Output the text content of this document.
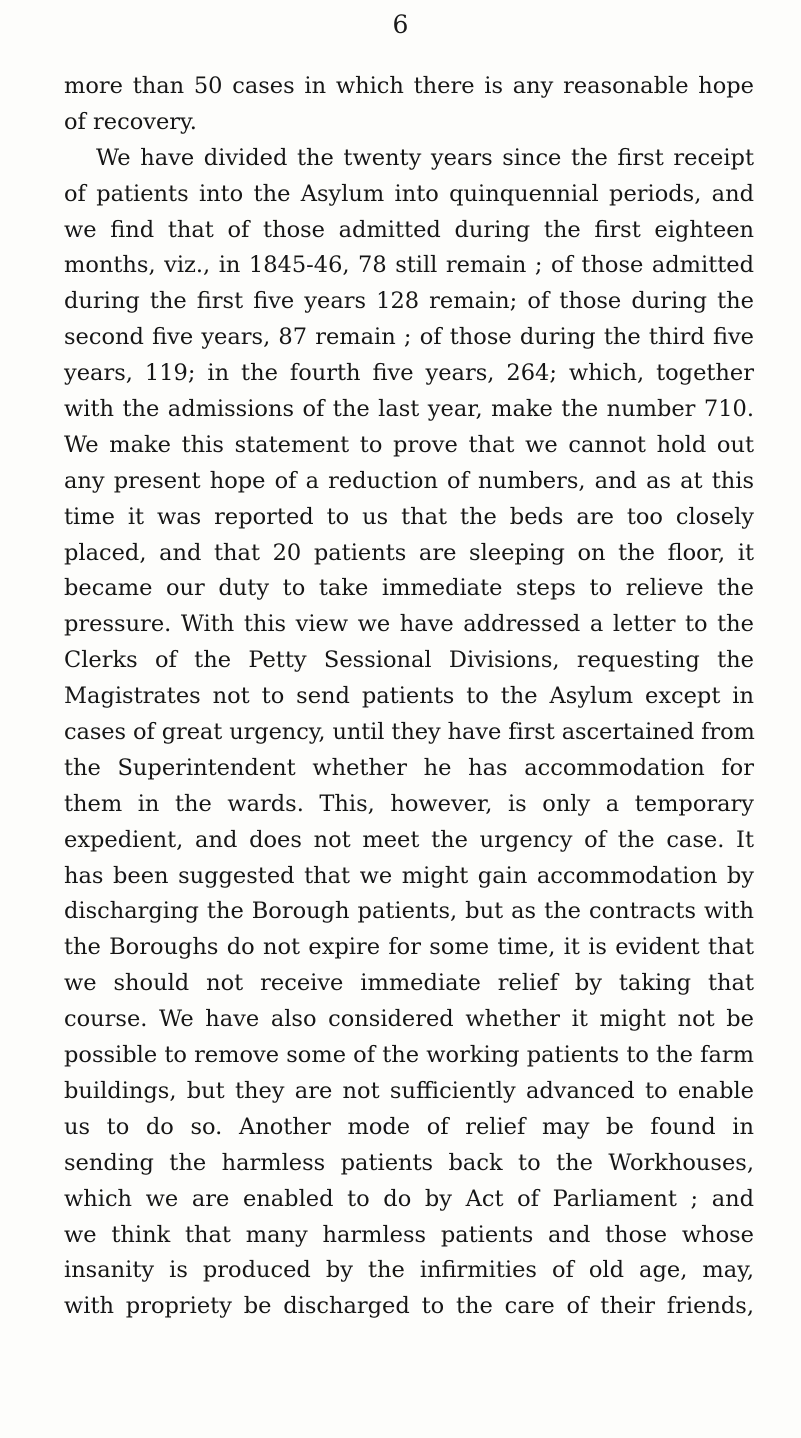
6
more than 50 cases in which there is any reasonable hope
of recovery.
We have divided the twenty years since the first receipt
of patients into the Asylum into quinquennial periods, and
we find that of those admitted during the first eighteen
months, viz., in 1845-46, 78 still remain ; of those admitted
during the first five years 128 remain; of those during the
second five years, 87 remain ; of those during the third five
years, 119; in the fourth five years, 264; which, together
with the admissions of the last year, make the number 710.
We make this statement to prove that we cannot hold out
any present hope of a reduction of numbers, and as at this
time it was reported to us that the beds are too closely
placed, and that 20 patients are sleeping on the floor, it
became our duty to take immediate steps to relieve the
pressure. With this view we have addressed a letter to the
Clerks of the Petty Sessional Divisions, requesting the
Magistrates not to send patients to the Asylum except in
cases of great urgency, until they have first ascertained from
the Superintendent whether he has accommodation for
them in the wards. This, however, is only a temporary
expedient, and does not meet the urgency of the case. It
has been suggested that we might gain accommodation by
discharging the Borough patients, but as the contracts with
the Boroughs do not expire for some time, it is evident that
we should not receive immediate relief by taking that
course. We have also considered whether it might not be
possible to remove some of the working patients to the farm
buildings, but they are not sufficiently advanced to enable
us to do so. Another mode of relief may be found in
sending the harmless patients back to the Workhouses,
which we are enabled to do by Act of Parliament ; and
we think that many harmless patients and those whose
insanity is produced by the infirmities of old age, may,
with propriety be discharged to the care of their friends,
